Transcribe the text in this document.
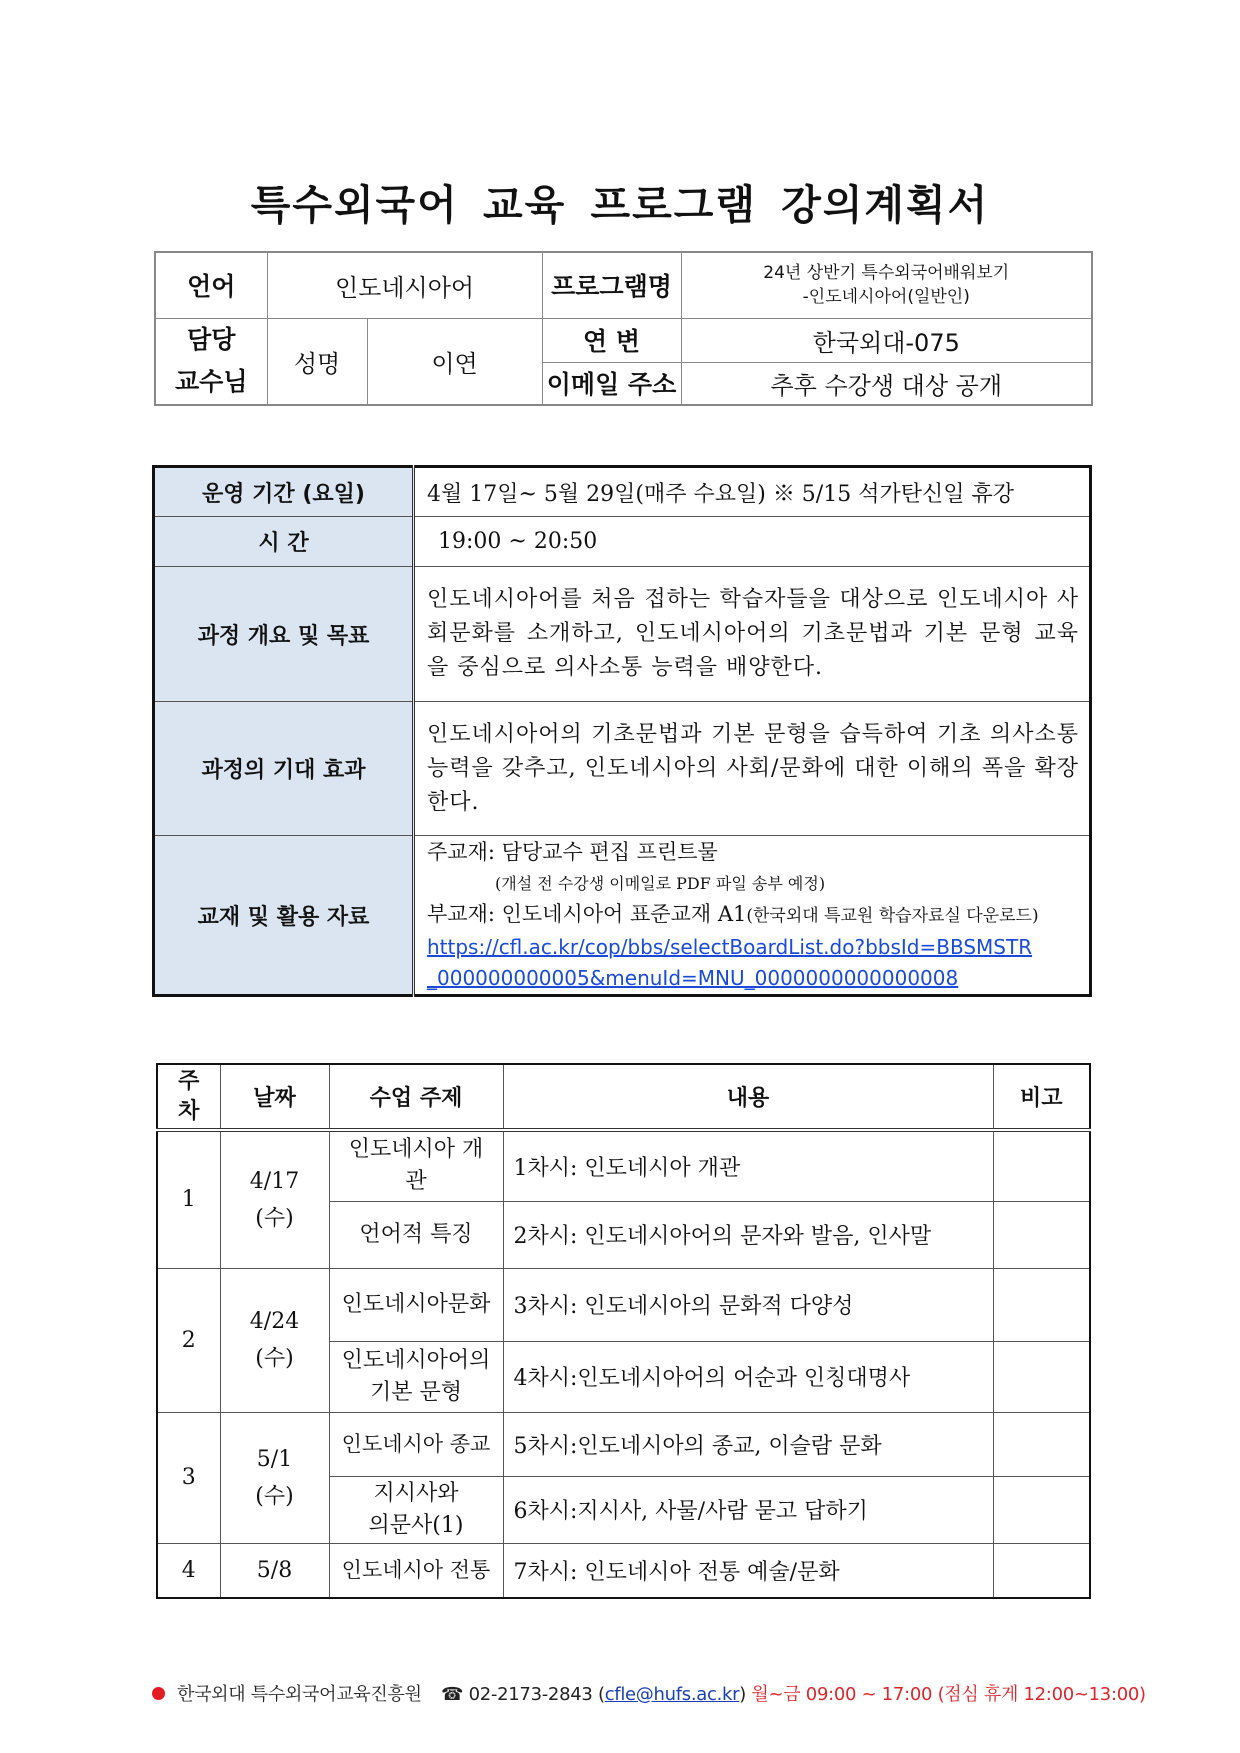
특수외국어 교육 프로그램 강의계획서
언어	인도네시아어		프로그램명	24년 상반기 특수외국어배워보기
-인도네시아어(일반인)
담당
교수님	성명	이연	연 변	한국외대-075
			이메일 주소	추후 수강생 대상 공개
운영 기간 (요일)	4월 17일~ 5월 29일(매주 수요일) ※ 5/15 석가탄신일 휴강
시 간	19:00 ~ 20:50
과정 개요 및 목표	인도네시아어를 처음 접하는 학습자들을 대상으로 인도네시아 사회문화를 소개하고, 인도네시아어의 기초문법과 기본 문형 교육을 중심으로 의사소통 능력을 배양한다.
과정의 기대 효과	인도네시아어의 기초문법과 기본 문형을 습득하여 기초 의사소통 능력을 갖추고, 인도네시아의 사회/문화에 대한 이해의 폭을 확장한다.
교재 및 활용 자료	주교재: 담당교수 편집 프린트물

(개설 전 수강생 이메일로 PDF 파일 송부 예정)
부교재: 인도네시아어 표준교재 A1(한국외대 특교원 학습자료실 다운로드)
https://cfl.ac.kr/cop/bbs/selectBoardList.do?bbsId=BBSMSTR
_000000000005&menuId=MNU_0000000000000008
주
차	날짜	수업 주제	내용	비고
1	4/17
(수)	인도네시아 개관	1차시: 인도네시아 개관	
		언어적 특징	2차시: 인도네시아어의 문자와 발음, 인사말	
2	4/24
(수)	인도네시아문화	3차시: 인도네시아의 문화적 다양성	
		인도네시아어의 기본 문형	4차시:인도네시아어의 어순과 인칭대명사	
3	5/1
(수)	인도네시아 종교	5차시:인도네시아의 종교, 이슬람 문화	
		지시사와 의문사(1)	6차시:지시사, 사물/사람 묻고 답하기	
4	5/8	인도네시아 전통	7차시: 인도네시아 전통 예술/문화	
한국외대 특수외국어교육진흥원 ☎ 02-2173-2843 (cfle@hufs.ac.kr) 월~금 09:00 ~ 17:00 (점심 휴게 12:00~13:00)
